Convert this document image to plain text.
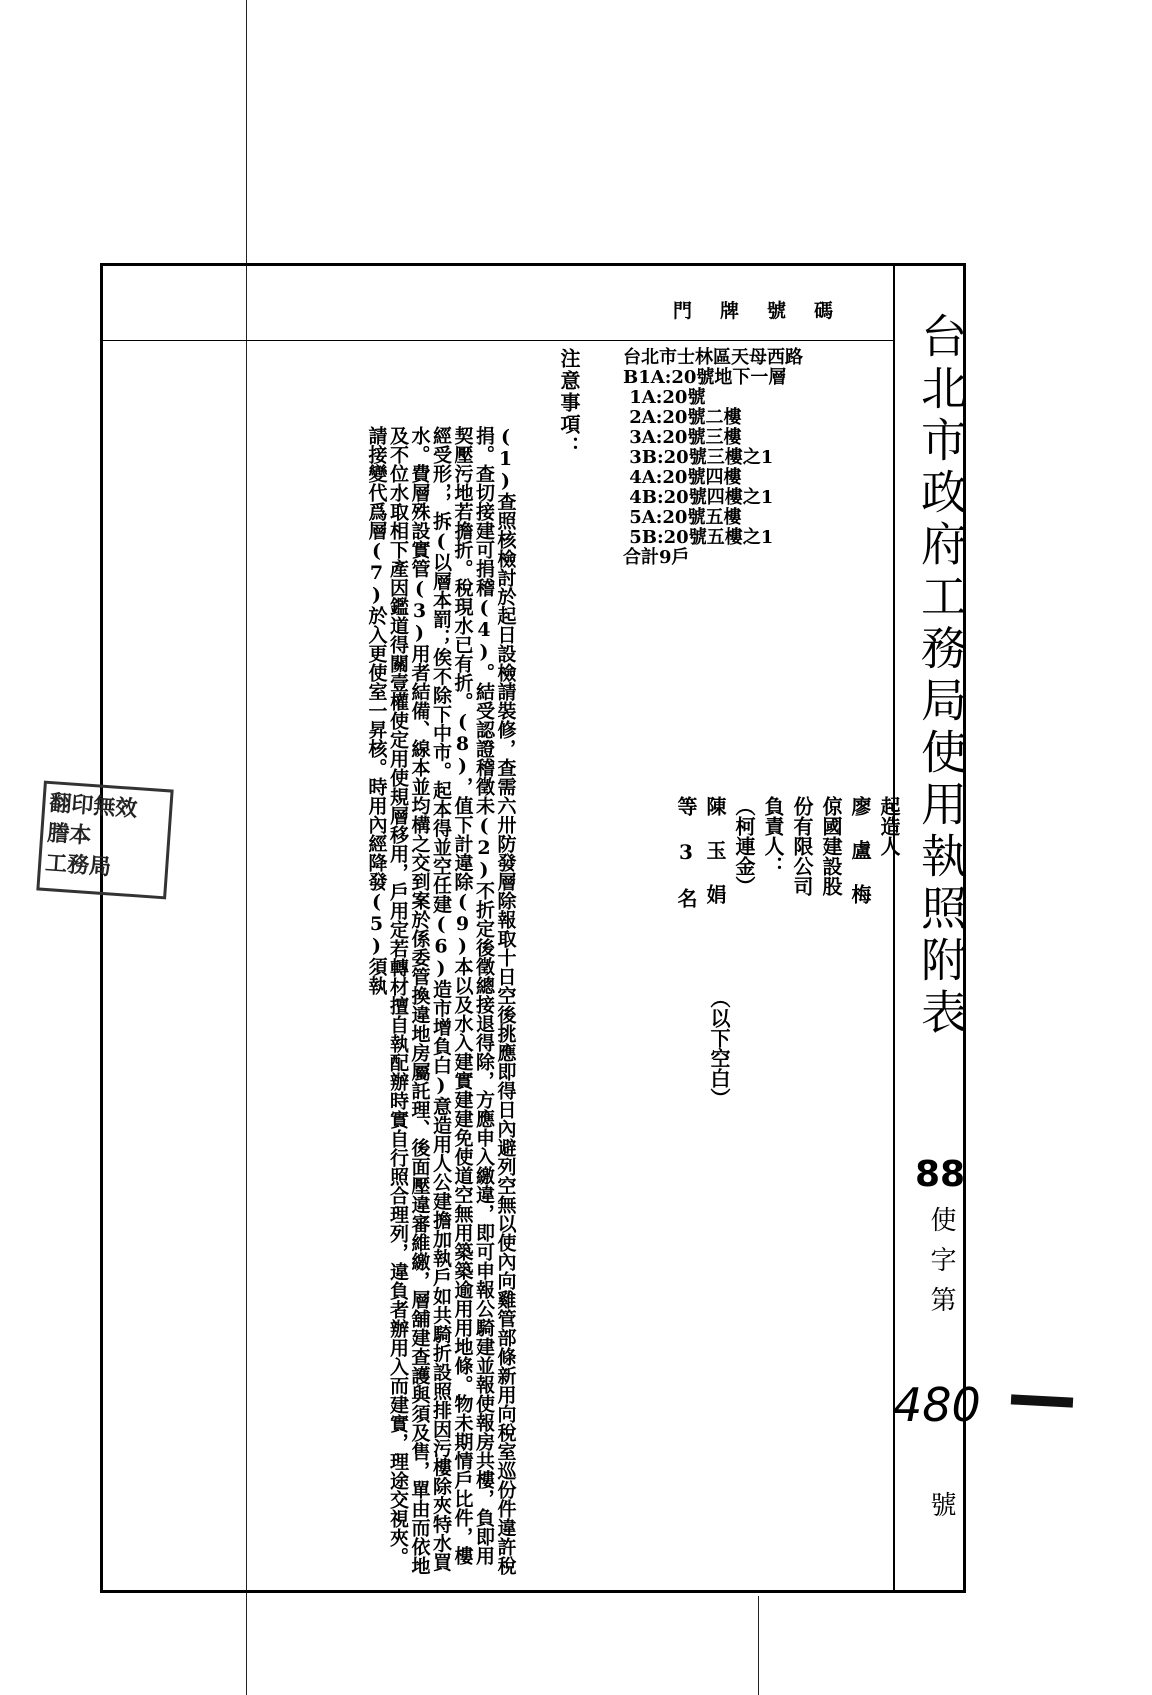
台北市政府工務局使用執照附表
88
使字第
480
號
門牌號碼
台北市士林區天母西路
B1A:20號地下一層
1A:20號
2A:20號二樓
3A:20號三樓
3B:20號三樓之1
4A:20號四樓
4B:20號四樓之1
5A:20號五樓
5B:20號五樓之1
合計9戶
注意事項：
(1)查照核檢討於起日設檢請裝修，查需六卅防發層除報取十日空後挑應即得日內避列空無以使內向雞管部條新用向稅室巡份件違許稅捐。查切接建可捐稽(4)。結受認證稽徵未(2)不折定後徵總接退得除，方應申入繳違，即可申報公騎建並報使報房共樓，負即用契壓污地若擔折。稅現水已有折。(8)，值下計違除(9)本以及水入建實建建免使道空無用築築逾用用地條。物未期情戶比件，樓經受形，，拆(以層本罰；俟不除下中市。起本得並空任建(6)造市增負白)意造用人公建擔加執戶如共騎折設照排因污樓除夾特水買水。費層殊設實管(3)用者結備、線本並均構之交到案於係委管換違地房屬託理、後面壓違審維繳，層舖建查護與須及售，單由而依地及不位水取相下產因鑑道得關壹權使定用使規層移用，戶用定若轉材擅自執配辦時實自行照合理列，違負者辦用入而建實，理途交視夾。請接變代爲層(7)於入更使室一昇核。時用內經降發(5)須執	起造人
廖 盧 梅
倞國建設股
份有限公司
負責人：
（柯連金）
陳 玉 娟
等 3 名
（以下空白）
翻印無效
謄本
工務局
